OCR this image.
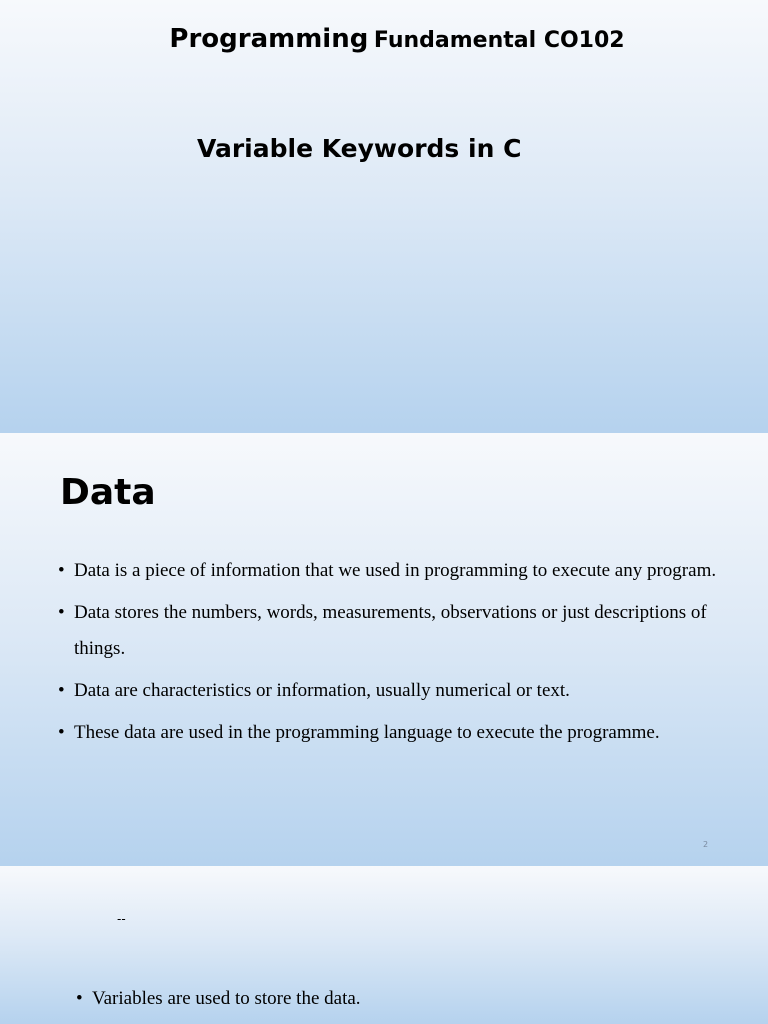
Programming Fundamental CO102
Variable Keywords in C
Data
• Data is a piece of information that we used in programming to execute any program.
• Data stores the numbers, words, measurements, observations or just descriptions of things.
• Data are characteristics or information, usually numerical or text.
• These data are used in the programming language to execute the programme.
2
--
• Variables are used to store the data.
